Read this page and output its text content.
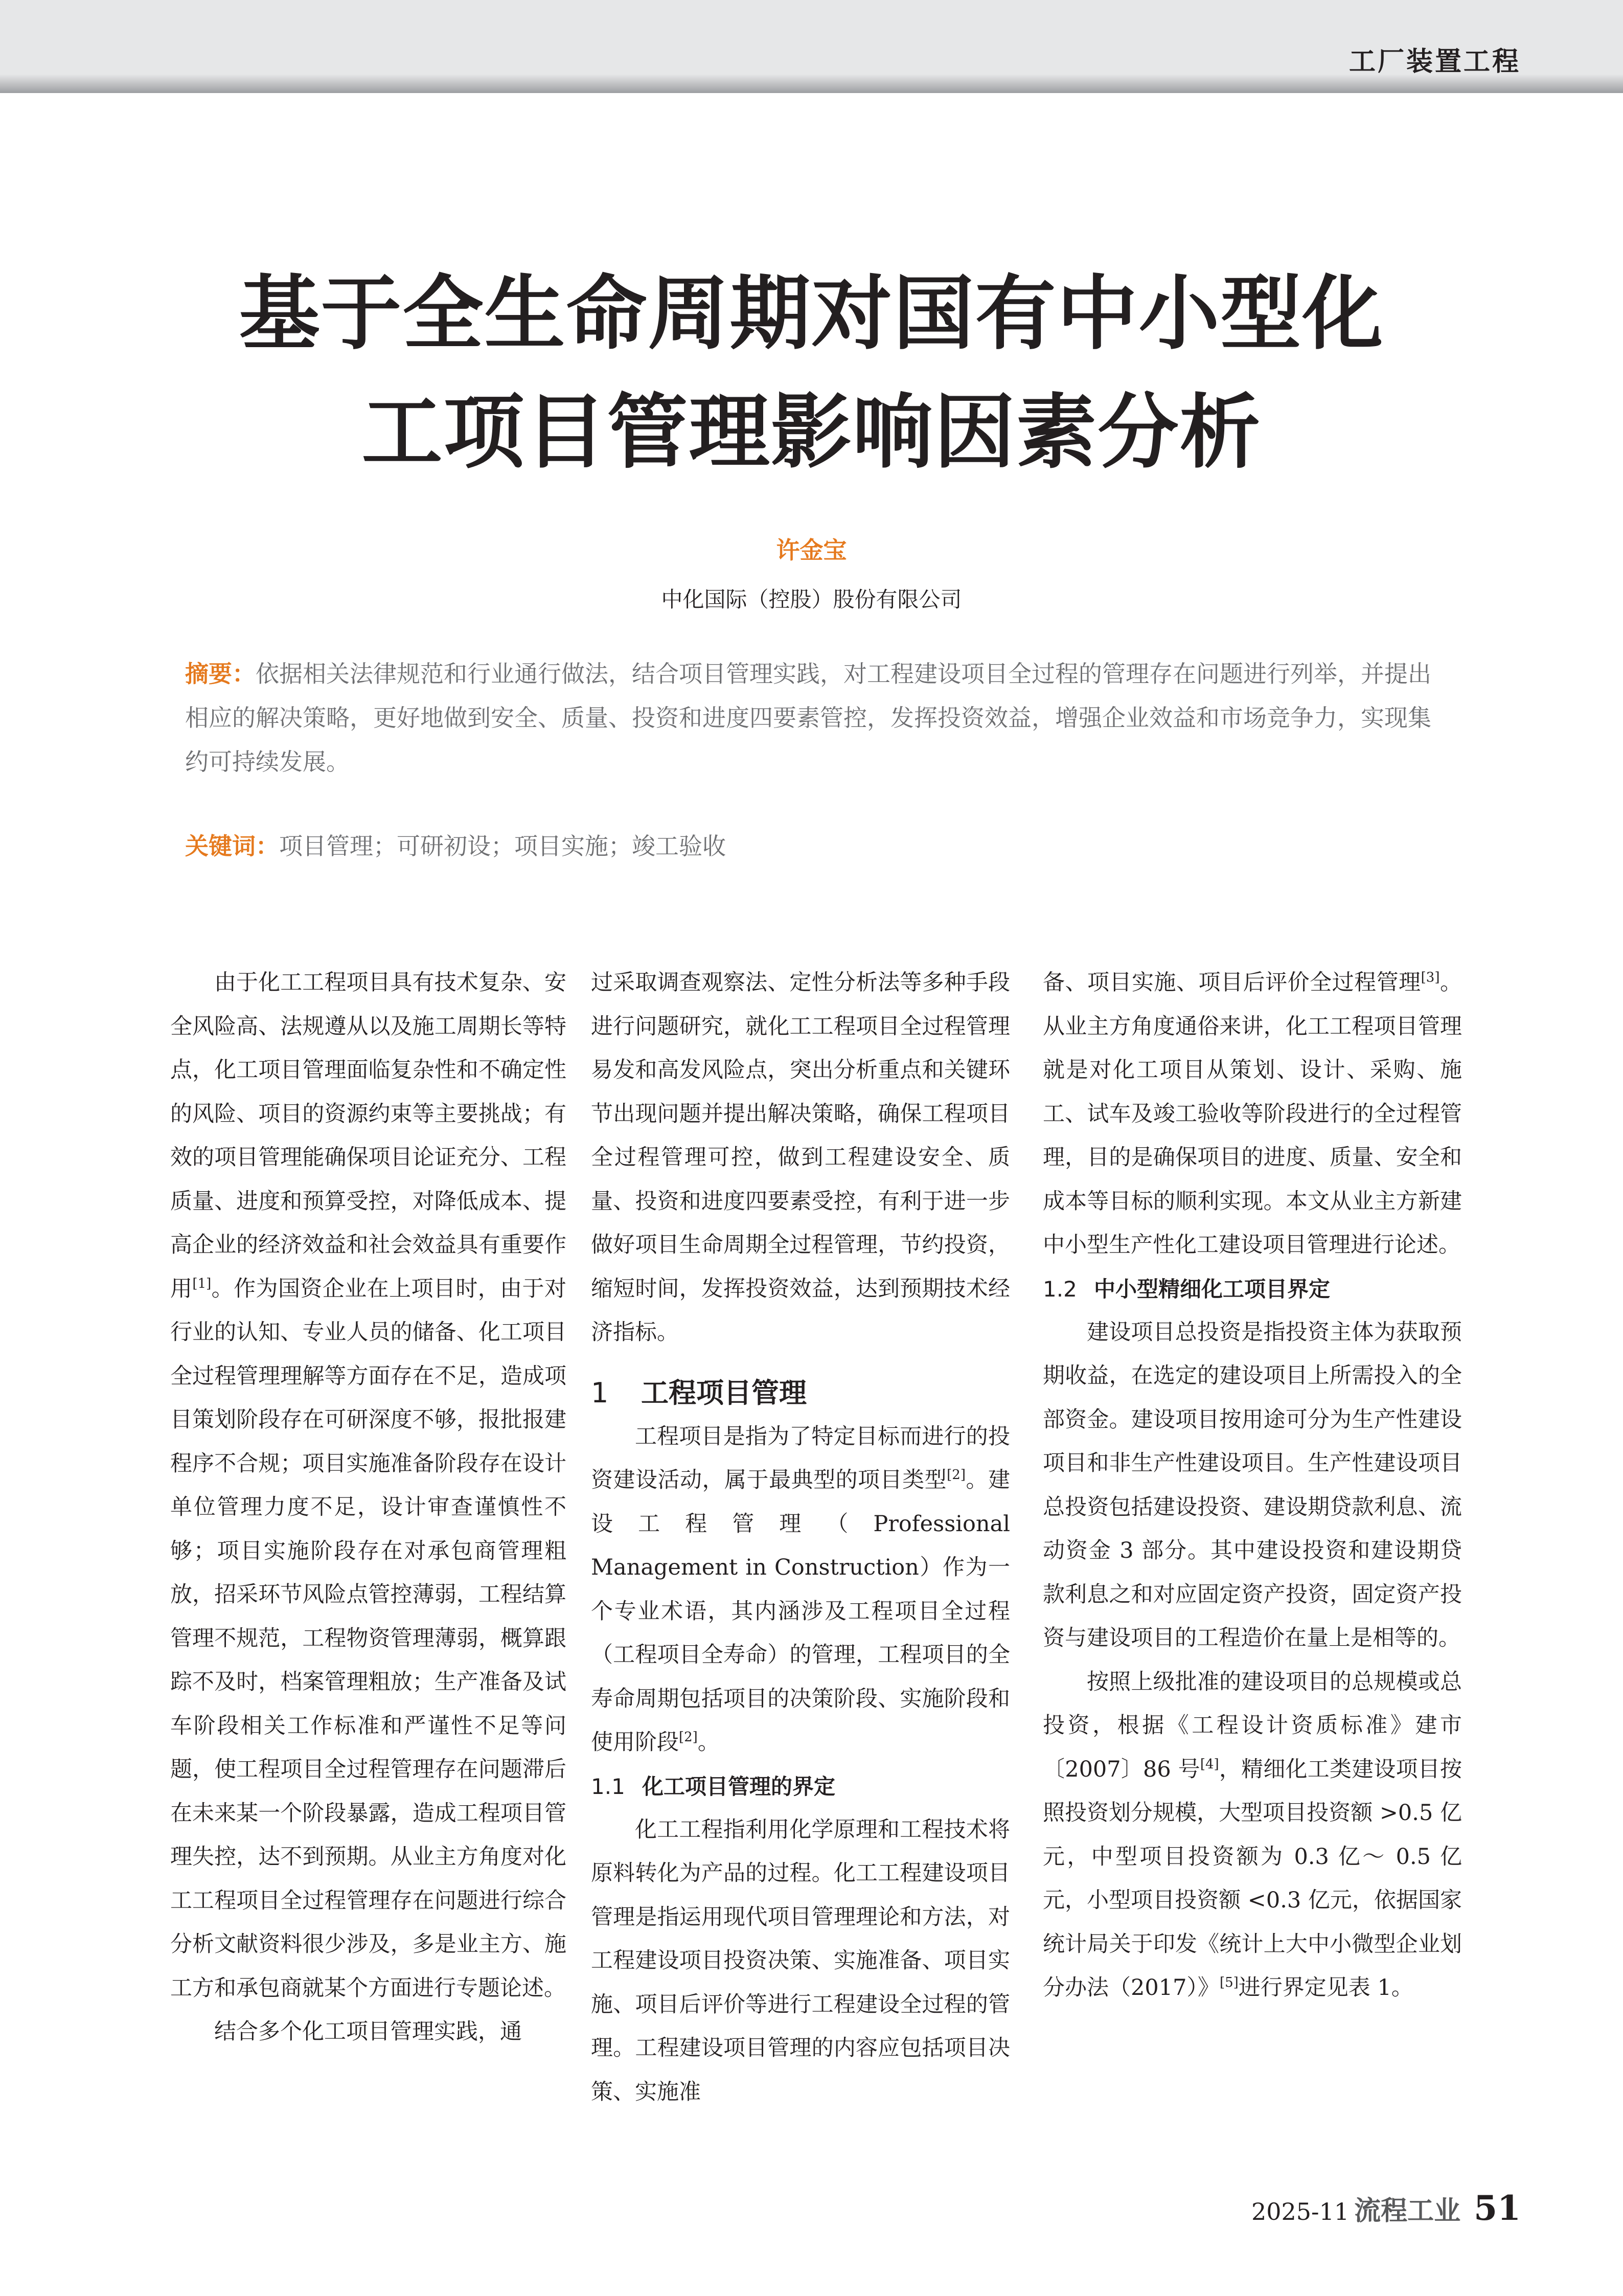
工厂装置工程
基于全生命周期对国有中小型化
工项目管理影响因素分析
许金宝
中化国际（控股）股份有限公司
摘要：依据相关法律规范和行业通行做法，结合项目管理实践，对工程建设项目全过程的管理存在问题进行列举，并提出相应的解决策略，更好地做到安全、质量、投资和进度四要素管控，发挥投资效益，增强企业效益和市场竞争力，实现集约可持续发展。
关键词：项目管理；可研初设；项目实施；竣工验收

由于化工工程项目具有技术复杂、安全风险高、法规遵从以及施工周期长等特点，化工项目管理面临复杂性和不确定性的风险、项目的资源约束等主要挑战；有效的项目管理能确保项目论证充分、工程质量、进度和预算受控，对降低成本、提高企业的经济效益和社会效益具有重要作用[1]。作为国资企业在上项目时，由于对行业的认知、专业人员的储备、化工项目全过程管理理解等方面存在不足，造成项目策划阶段存在可研深度不够，报批报建程序不合规；项目实施准备阶段存在设计单位管理力度不足，设计审查谨慎性不够；项目实施阶段存在对承包商管理粗放，招采环节风险点管控薄弱，工程结算管理不规范，工程物资管理薄弱，概算跟踪不及时，档案管理粗放；生产准备及试车阶段相关工作标准和严谨性不足等问题，使工程项目全过程管理存在问题滞后在未来某一个阶段暴露，造成工程项目管理失控，达不到预期。从业主方角度对化工工程项目全过程管理存在问题进行综合分析文献资料很少涉及，多是业主方、施工方和承包商就某个方面进行专题论述。

结合多个化工项目管理实践，通

过采取调查观察法、定性分析法等多种手段进行问题研究，就化工工程项目全过程管理易发和高发风险点，突出分析重点和关键环节出现问题并提出解决策略，确保工程项目全过程管理可控，做到工程建设安全、质量、投资和进度四要素受控，有利于进一步做好项目生命周期全过程管理，节约投资，缩短时间，发挥投资效益，达到预期技术经济指标。

1 工程项目管理

工程项目是指为了特定目标而进行的投资建设活动，属于最典型的项目类型[2]。建设工程管理（Professional Management in Construction）作为一个专业术语，其内涵涉及工程项目全过程（工程项目全寿命）的管理，工程项目的全寿命周期包括项目的决策阶段、实施阶段和使用阶段[2]。

1.1 化工项目管理的界定

化工工程指利用化学原理和工程技术将原料转化为产品的过程。化工工程建设项目管理是指运用现代项目管理理论和方法，对工程建设项目投资决策、实施准备、项目实施、项目后评价等进行工程建设全过程的管理。工程建设项目管理的内容应包括项目决策、实施准

备、项目实施、项目后评价全过程管理[3]。从业主方角度通俗来讲，化工工程项目管理就是对化工项目从策划、设计、采购、施工、试车及竣工验收等阶段进行的全过程管理，目的是确保项目的进度、质量、安全和成本等目标的顺利实现。本文从业主方新建中小型生产性化工建设项目管理进行论述。

1.2 中小型精细化工项目界定

建设项目总投资是指投资主体为获取预期收益，在选定的建设项目上所需投入的全部资金。建设项目按用途可分为生产性建设项目和非生产性建设项目。生产性建设项目总投资包括建设投资、建设期贷款利息、流动资金 3 部分。其中建设投资和建设期贷款利息之和对应固定资产投资，固定资产投资与建设项目的工程造价在量上是相等的。

按照上级批准的建设项目的总规模或总投资，根据《工程设计资质标准》建市〔2007〕86 号[4]，精细化工类建设项目按照投资划分规模，大型项目投资额 >0.5 亿元，中型项目投资额为 0.3 亿～ 0.5 亿元，小型项目投资额 <0.3 亿元，依据国家统计局关于印发《统计上大中小微型企业划分办法（2017）》[5]进行界定见表 1。

2025-11 流程工业 51
